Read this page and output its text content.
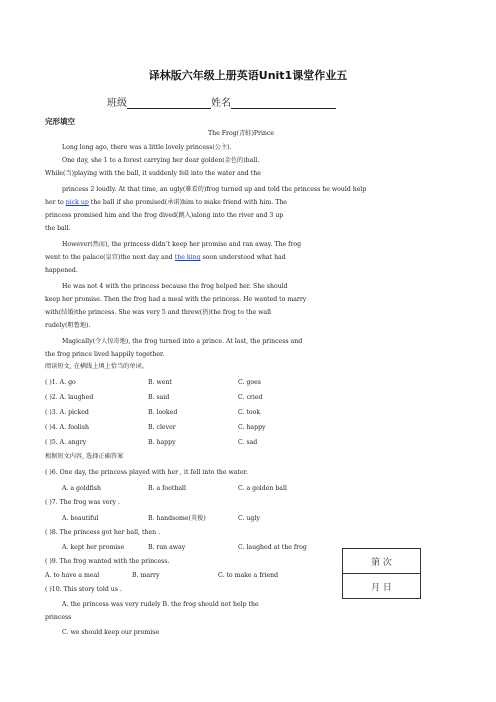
译林版六年级上册英语Unit1课堂作业五
班级	姓名
完形填空
The Frog(青蛙)Prince
Long long ago, there was a little lovely princess(公主).
One day, she 1 to a forest carrying her dear golden(金色的)ball.
While(当)playing with the ball, it suddenly fell into the water and the
princess 2 loudly. At that time, an ugly(难看的)frog turned up and told the princess he would help
her to pick up the ball if she promised(承诺)him to make friend with him. The
princess promised him and the frog dived(跳入)along into the river and 3 up
the ball.
However(然而), the princess didn’t keep her promise and ran away. The frog
went to the palace(皇宫)the next day and the king soon understood what had
happened.
He was not 4 with the princess because the frog helped her. She should
keep her promise. Then the frog had a meal with the princess. He wanted to marry
with(结婚)the princess. She was very 5 and threw(扔)the frog to the wall
rudely(粗鲁地).
Magically(令人惊奇地), the frog turned into a prince. At last, the princess and
the frog prince lived happily together.
阅读短文, 在横线上填上恰当的单词。
( )1. A. go	B. went	C. goes
( )2. A. laughed	B. said	C. cried
( )3. A. picked	B. looked	C. took
( )4. A. foolish	B. clever	C. happy
( )5. A. angry	B. happy	C. sad
根据短文内容, 选择正确答案
( )6. One day, the princess played with her , it fell into the water.
A. a goldfish	B. a football	C. a golden ball
( )7. The frog was very .
A. beautiful	B. handsome(英俊)	C. ugly
( )8. The princess got her ball, then .
A. kept her promise	B. ran away	C. laughed at the frog
( )9. The frog wanted with the princess.
A. to have a meal	B. marry	C. to make a friend
( )10. This story told us .
A. the princess was very rudely B. the frog should not help the
princess
C. we should keep our promise
第 次
月 日
